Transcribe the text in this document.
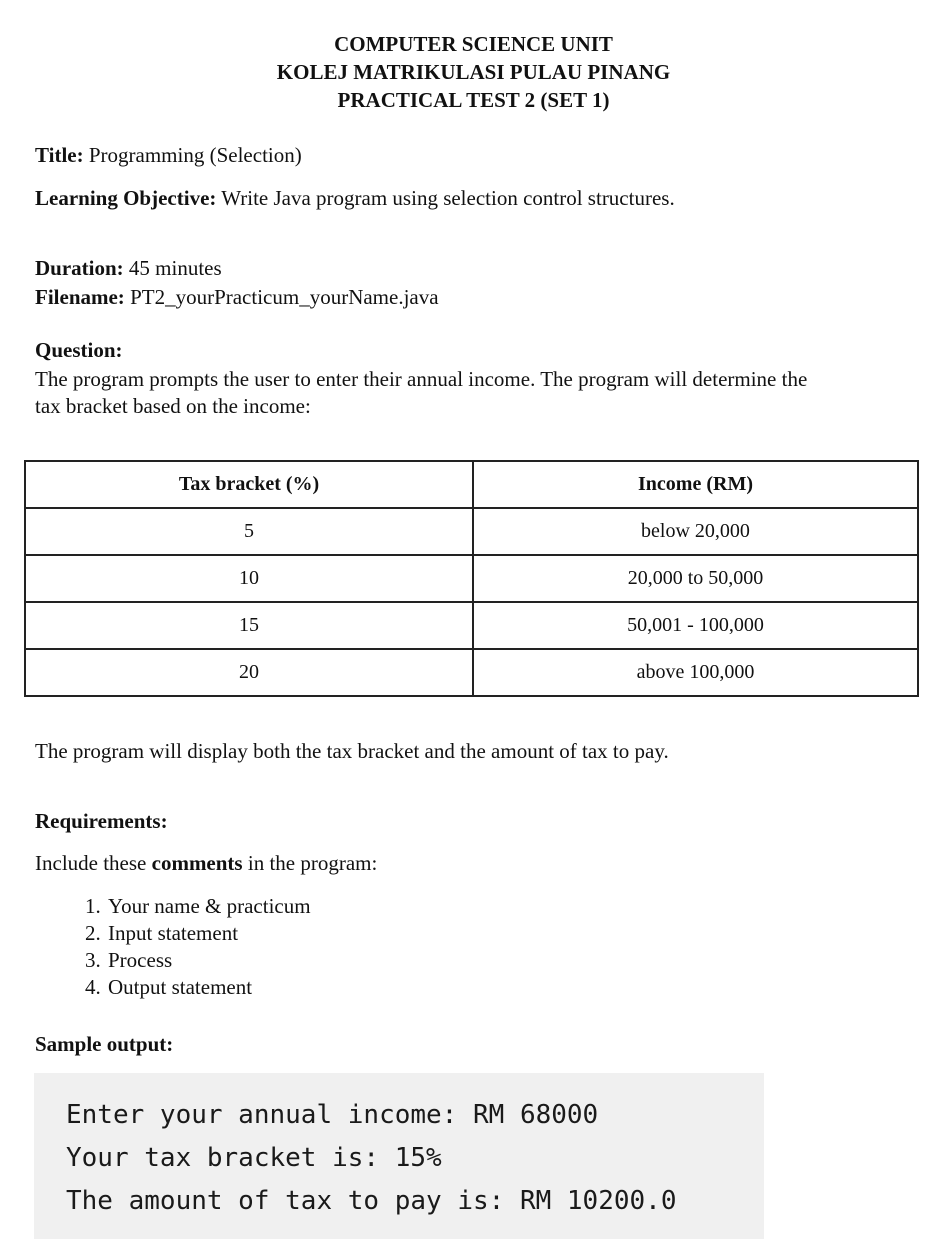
COMPUTER SCIENCE UNIT
KOLEJ MATRIKULASI PULAU PINANG
PRACTICAL TEST 2 (SET 1)
Title: Programming (Selection)
Learning Objective: Write Java program using selection control structures.
Duration: 45 minutes
Filename: PT2_yourPracticum_yourName.java
Question:
The program prompts the user to enter their annual income. The program will determine the
tax bracket based on the income:
Tax bracket (%)	Income (RM)
5	below 20,000
10	20,000 to 50,000
15	50,001 - 100,000
20	above 100,000
The program will display both the tax bracket and the amount of tax to pay.
Requirements:
Include these comments in the program:
1. Your name & practicum
2. Input statement
3. Process
4. Output statement
Sample output:
Enter your annual income: RM 68000
Your tax bracket is: 15%
The amount of tax to pay is: RM 10200.0
